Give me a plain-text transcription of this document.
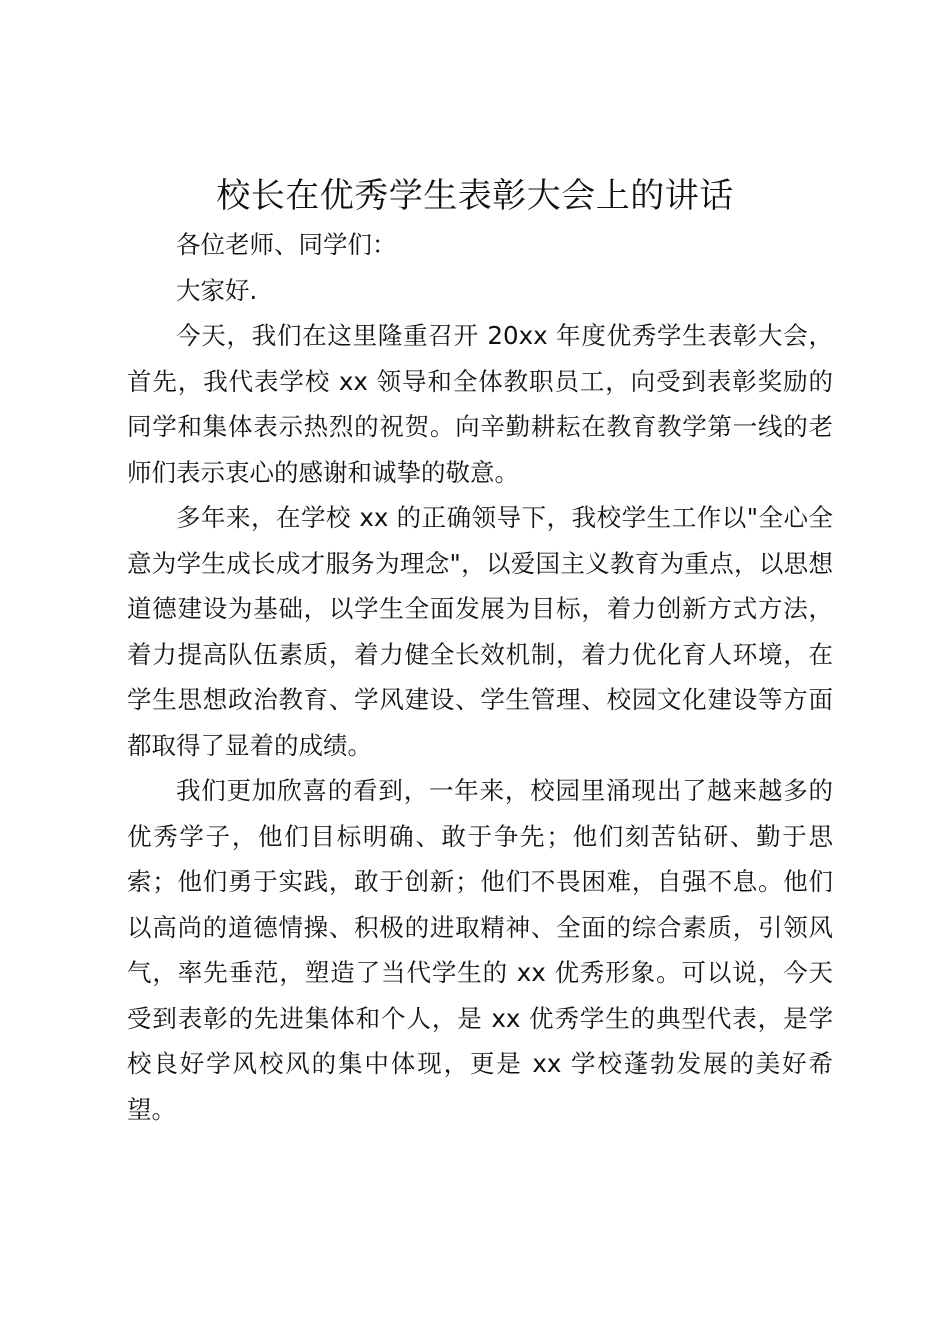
校长在优秀学生表彰大会上的讲话

各位老师、同学们：

大家好.

今天，我们在这里隆重召开 20xx 年度优秀学生表彰大会，首先，我代表学校 xx 领导和全体教职员工，向受到表彰奖励的同学和集体表示热烈的祝贺。向辛勤耕耘在教育教学第一线的老师们表示衷心的感谢和诚挚的敬意。

多年来，在学校 xx 的正确领导下，我校学生工作以"全心全意为学生成长成才服务为理念"，以爱国主义教育为重点，以思想道德建设为基础，以学生全面发展为目标，着力创新方式方法，着力提高队伍素质，着力健全长效机制，着力优化育人环境，在学生思想政治教育、学风建设、学生管理、校园文化建设等方面都取得了显着的成绩。

我们更加欣喜的看到，一年来，校园里涌现出了越来越多的优秀学子，他们目标明确、敢于争先；他们刻苦钻研、勤于思索；他们勇于实践，敢于创新；他们不畏困难，自强不息。他们以高尚的道德情操、积极的进取精神、全面的综合素质，引领风气，率先垂范，塑造了当代学生的 xx 优秀形象。可以说，今天受到表彰的先进集体和个人，是 xx 优秀学生的典型代表，是学校良好学风校风的集中体现，更是 xx 学校蓬勃发展的美好希望。
